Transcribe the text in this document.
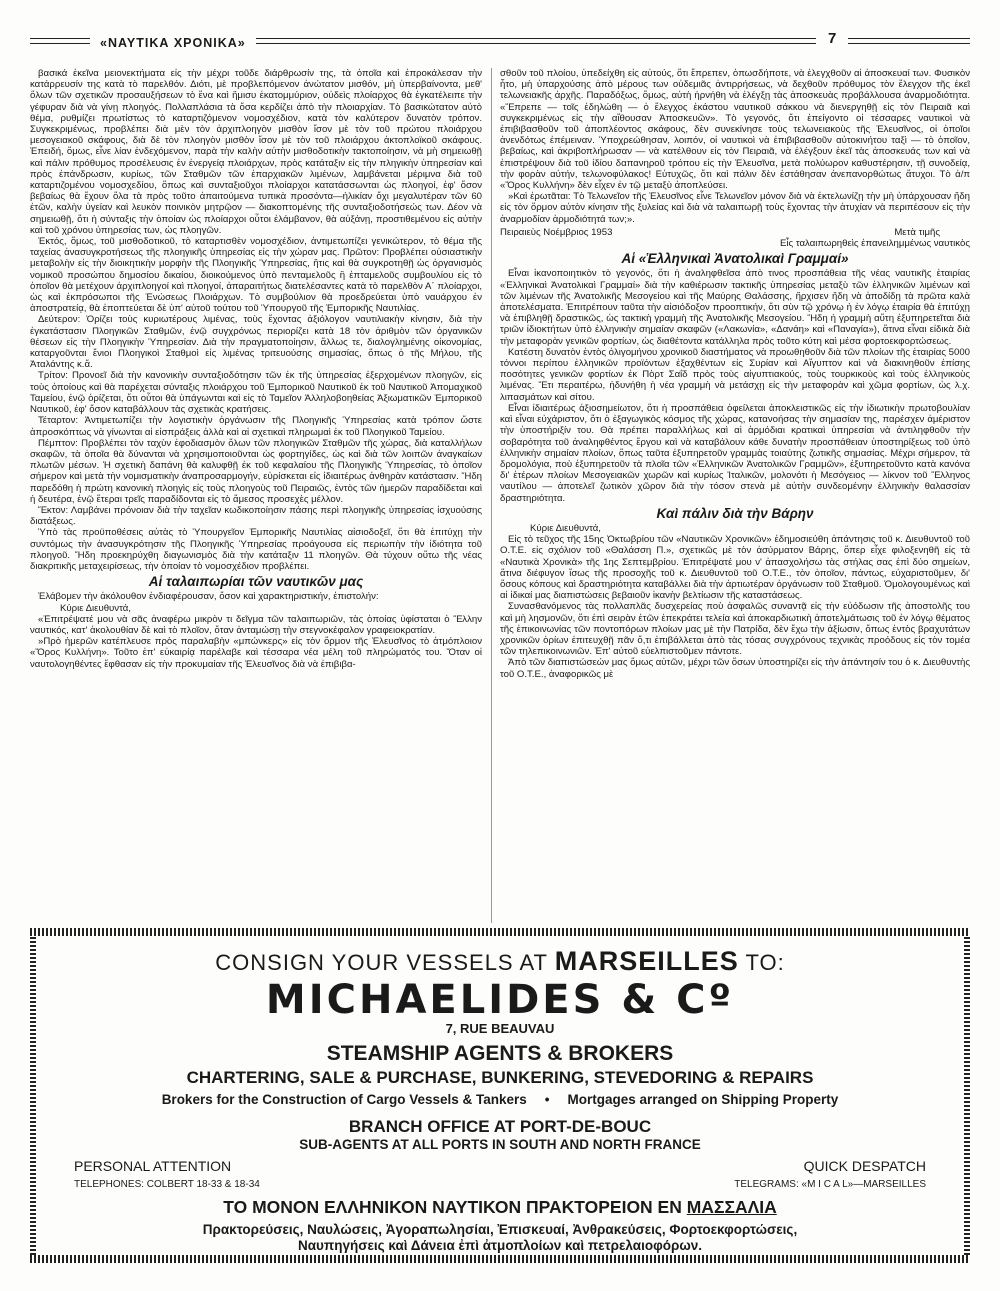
«ΝΑΥΤΙΚΑ ΧΡΟΝΙΚΑ»	7

βασικά ἐκεῖνα μειονεκτήματα εἰς τὴν μέχρι τοῦδε διάρθρωσίν της, τὰ ὁποῖα καὶ ἐπροκάλεσαν τὴν κατάρρευσίν της κατὰ τὸ παρελθόν. Διότι, μὲ προβλεπόμενον ἀνώτατον μισθόν, μὴ ὑπερβαίνοντα, μεθ' ὅλων τῶν σχετικῶν προσαυξήσεων τὸ ἕνα καὶ ἥμισυ ἑκατομμύριον, οὐδεὶς πλοίαρχος θὰ ἐγκατέλειπε τὴν γέφυραν διὰ νὰ γίνῃ πλοηγός. Πολλαπλάσια τὰ ὅσα κερδίζει ἀπὸ τὴν πλοιαρχίαν. Τὸ βασικώτατον αὐτὸ θέμα, ρυθμίζει πρωτίστως τὸ καταρτιζόμενον νομοσχέδιον, κατὰ τὸν καλύτερον δυνατὸν τρόπον. Συγκεκριμένως, προβλέπει διὰ μὲν τὸν ἀρχιπλοηγὸν μισθὸν ἴσον μὲ τὸν τοῦ πρώτου πλοιάρχου μεσογειακοῦ σκάφους, διὰ δὲ τὸν πλοηγὸν μισθὸν ἴσον μὲ τὸν τοῦ πλοιάρχου ἀκτοπλοϊκοῦ σκάφους. Ἐπειδή, ὅμως, εἶνε λίαν ἐνδεχόμενον, παρὰ τὴν καλὴν αὐτὴν μισθοδοτικὴν τακτοποίησιν, νὰ μὴ σημειωθῇ καὶ πάλιν πρόθυμος προσέλευσις ἐν ἐνεργείᾳ πλοιάρχων, πρὸς κατάταξιν εἰς τὴν πληγικὴν ὑπηρεσίαν καὶ πρὸς ἐπάνδρωσιν, κυρίως, τῶν Σταθμῶν τῶν ἐπαρχιακῶν λιμένων, λαμβάνεται μέριμνα διὰ τοῦ καταρτιζομένου νομοσχεδίου, ὅπως καὶ συνταξιοῦχοι πλοίαρχοι κατατάσσωνται ὡς πλοηγοί, ἐφ' ὅσον βεβαίως θὰ ἔχουν ὅλα τὰ πρὸς τοῦτο ἀπαιτούμενα τυπικὰ προσόντα—ἡλικίαν ὄχι μεγαλυτέραν τῶν 60 ἐτῶν, καλὴν ὑγείαν καὶ λευκὸν ποινικὸν μητρῷον — διακοπτομένης τῆς συνταξιοδοτήσεώς των. Δέον νὰ σημειωθῇ, ὅτι ἡ σύνταξις τὴν ὁποίαν ὡς πλοίαρχοι οὗτοι ἐλάμβανον, θὰ αὐξάνῃ, προστιθεμένου εἰς αὐτὴν καὶ τοῦ χρόνου ὑπηρεσίας των, ὡς πλοηγῶν.

Ἐκτός, ὅμως, τοῦ μισθοδοτικοῦ, τὸ καταρτισθὲν νομοσχέδιον, ἀντιμετωπίζει γενικώτερον, τὸ θέμα τῆς ταχείας ἀνασυγκροτήσεως τῆς πλοηγικῆς ὑπηρεσίας εἰς τὴν χώραν μας. Πρῶτον: Προβλέπει οὐσιαστικὴν μεταβολὴν εἰς τὴν διοικητικὴν μορφὴν τῆς Πλοηγικῆς Ὑπηρεσίας, ἥτις καὶ θὰ συγκροτηθῇ ὡς ὀργανισμὸς νομικοῦ προσώπου δημοσίου δικαίου, διοικούμενος ὑπὸ πενταμελοῦς ἢ ἑπταμελοῦς συμβουλίου εἰς τὸ ὁποῖον θὰ μετέχουν ἀρχιπλοηγοί καὶ πλοηγοί, ἀπαραιτήτως διατελέσαντες κατὰ τὸ παρελθὸν Α΄ πλοίαρχοι, ὡς καὶ ἐκπρόσωποι τῆς Ἑνώσεως Πλοιάρχων. Τὸ συμβούλιον θὰ προεδρεύεται ὑπὸ ναυάρχου ἐν ἀποστρατείᾳ, θὰ ἐποπτεύεται δὲ ὑπ' αὐτοῦ τούτου τοῦ Ὑπουργοῦ τῆς Ἐμπορικῆς Ναυτιλίας.

Δεύτερον: Ὁρίζει τοὺς κυριωτέρους λιμένας, τοὺς ἔχοντας ἀξιόλογον ναυτιλιακὴν κίνησιν, διὰ τὴν ἐγκατάστασιν Πλοηγικῶν Σταθμῶν, ἐνῷ συγχρόνως περιορίζει κατὰ 18 τὸν ἀριθμὸν τῶν ὀργανικῶν θέσεων εἰς τὴν Πλοηγικὴν Ὑπηρεσίαν. Διὰ τὴν πραγματοποίησιν, ἄλλως τε, διαλογλημένης οἰκονομίας, καταργοῦνται ἔνιοι Πλοηγικοὶ Σταθμοὶ εἰς λιμένας τριτευούσης σημασίας, ὅπως ὁ τῆς Μήλου, τῆς Ἀταλάντης κ.ἄ.

Τρίτον: Προνοεῖ διὰ τὴν κανονικὴν συνταξιοδότησιν τῶν ἐκ τῆς ὑπηρεσίας ἐξερχομένων πλοηγῶν, εἰς τοὺς ὁποίους καὶ θὰ παρέχεται σύνταξις πλοιάρχου τοῦ Ἐμπορικοῦ Ναυτικοῦ ἐκ τοῦ Ναυτικοῦ Ἀπομαχικοῦ Ταμείου, ἐνῷ ὁρίζεται, ὅτι οὗτοι θὰ ὑπάγωνται καὶ εἰς τὸ Ταμεῖον Ἀλληλοβοηθείας Ἀξιωματικῶν Ἐμπορικοῦ Ναυτικοῦ, ἐφ' ὅσον καταβάλλουν τὰς σχετικὰς κρατήσεις.

Τέταρτον: Ἀντιμετωπίζει τὴν λογιστικὴν ὀργάνωσιν τῆς Πλοηγικῆς Ὑπηρεσίας κατὰ τρόπον ὥστε ἀπροσκόπτως νὰ γίνωνται αἱ εἰσπράξεις ἀλλὰ καὶ αἱ σχετικαὶ πληρωμαὶ ἐκ τοῦ Πλοηγικοῦ Ταμείου.

Πέμπτον: Προβλέπει τὸν ταχὺν ἐφοδιασμὸν ὅλων τῶν πλοηγικῶν Σταθμῶν τῆς χώρας, διὰ καταλλήλων σκαφῶν, τὰ ὁποῖα θὰ δύνανται νὰ χρησιμοποιοῦνται ὡς φορτηγίδες, ὡς καὶ διὰ τῶν λοιπῶν ἀναγκαίων πλωτῶν μέσων. Ἡ σχετικὴ δαπάνη θὰ καλυφθῇ ἐκ τοῦ κεφαλαίου τῆς Πλοηγικῆς Ὑπηρεσίας, τὸ ὁποῖον σήμερον καὶ μετὰ τὴν νομισματικὴν ἀναπροσαρμογήν, εὑρίσκεται εἰς ἱδιαιτέρως ἀνθηρὰν κατάστασιν. Ἤδη παρεδόθη ἡ πρώτη κανονικὴ πλοηγὶς εἰς τοὺς πλοηγοὺς τοῦ Πειραιῶς, ἐντὸς τῶν ἡμερῶν παραδίδεται καὶ ἡ δευτέρα, ἐνῷ ἕτεραι τρεῖς παραδίδονται εἰς τὸ ἄμεσος προσεχὲς μέλλον.

Ἕκτον: Λαμβάνει πρόνοιαν διὰ τὴν ταχεῖαν κωδικοποίησιν πάσης περὶ πλοηγικῆς ὑπηρεσίας ἰσχυούσης διατάξεως.

Ὑπὸ τὰς προϋποθέσεις αὐτὰς τὸ Ὑπουργεῖον Ἐμπορικῆς Ναυτιλίας αἰσιοδοξεῖ, ὅτι θὰ ἐπιτύχῃ τὴν συντόμως τὴν ἀνασυγκρότησιν τῆς Πλοηγικῆς Ὑπηρεσίας προάγουσα εἰς περιωπὴν τὴν ἰδιότητα τοῦ πλοηγοῦ. Ἤδη προεκηρύχθη διαγωνισμὸς διὰ τὴν κατάταξιν 11 πλοηγῶν. Θὰ τύχουν οὕτω τῆς νέας διακριτικῆς μεταχειρίσεως, τὴν ὁποίαν τὸ νομοσχέδιον προβλέπει.

Αἱ ταλαιπωρίαι τῶν ναυτικῶν μας

Ἐλάβομεν τὴν ἀκόλουθον ἐνδιαφέρουσαν, ὅσον καὶ χαρακτηριστικήν, ἐπιστολήν:

Κύριε Διευθυντά,

«Ἐπιτρέψατέ μου νὰ σᾶς ἀναφέρω μικρὸν τι δεῖγμα τῶν ταλαιπωριῶν, τὰς ὁποίας ὑφίσταται ὁ Ἕλλην ναυτικός, κατ' ἀκολουθίαν δὲ καὶ τὸ πλοῖον, ὅταν ἀνταμώσῃ τὴν στεγνοκέφαλον γραφειοκρατίαν.

»Πρὸ ἡμερῶν κατέπλευσε πρὸς παραλαβὴν «μπώνκερς» εἰς τὸν ὅρμον τῆς Ἐλευσῖνος τὸ ἀτμόπλοιον «Ὄρος Κυλλήνη». Τοῦτο ἐπ' εὐκαιρίᾳ παρέλαβε καὶ τέσσαρα νέα μέλη τοῦ πληρώματός του. Ὅταν οἱ ναυτολογηθέντες ἔφθασαν εἰς τὴν προκυμαίαν τῆς Ἐλευσῖνος διὰ νὰ ἐπιβιβα-

σθοῦν τοῦ πλοίου, ὑπεδείχθη εἰς αὐτούς, ὅτι ἔπρεπεν, ὁπωσδήποτε, νὰ ἐλεγχθοῦν αἱ ἀποσκευαί των. Φυσικὸν ἦτο, μὴ ὑπαρχούσης ἀπὸ μέρους των οὐδεμιᾶς ἀντιρρήσεως, νὰ δεχθοῦν πρόθυμος τὸν ἔλεγχον τῆς ἐκεῖ τελωνειακῆς ἀρχῆς. Παραδόξως, ὅμως, αὐτὴ ἠρνήθη νὰ ἐλέγξῃ τὰς ἀποσκευὰς προβάλλουσα ἀναρμοδιότητα. «Ἔπρεπε — τοῖς ἐδηλώθη — ὁ ἔλεγχος ἑκάστου ναυτικοῦ σάκκου νὰ διενεργηθῇ εἰς τὸν Πειραιᾶ καὶ συγκεκριμένως εἰς τὴν αἴθουσαν Ἀποσκευῶν». Τὸ γεγονός, ὅτι ἐπείγοντο οἱ τέσσαρες ναυτικοὶ νὰ ἐπιβιβασθοῦν τοῦ ἀποπλέοντος σκάφους, δὲν συνεκίνησε τοὺς τελωνειακοὺς τῆς Ἐλευσῖνος, οἱ ὁποῖοι ἀνενδότως ἐπέμειναν. Ὑποχρεώθησαν, λοιπόν, οἱ ναυτικοὶ νὰ ἐπιβιβασθοῦν αὐτοκινήτου ταξὶ — τὸ ὁποῖον, βεβαίως, καὶ ἀκριβοπλήρωσαν — νὰ κατέλθουν εἰς τὸν Πειραιᾶ, νὰ ἐλέγξουν ἐκεῖ τὰς ἀποσκευάς των καὶ νὰ ἐπιστρέψουν διὰ τοῦ ἰδίου δαπανηροῦ τρόπου εἰς τὴν Ἐλευσῖνα, μετὰ πολύωρον καθυστέρησιν, τῇ συνοδείᾳ, τὴν φορὰν αὐτήν, τελωνοφύλακος! Εὐτυχῶς, ὅτι καὶ πάλιν δὲν ἐστάθησαν ἀνεπανορθώτως ἄτυχοι. Τὸ ἀ/π «Ὄρος Κυλλήνη» δὲν εἶχεν ἐν τῷ μεταξὺ ἀποπλεύσει.

»Καὶ ἐρωτᾶται: Τὸ Τελωνεῖον τῆς Ἐλευσῖνος εἶνε Τελωνεῖον μόνον διὰ νὰ ἐκτελωνίζῃ τὴν μὴ ὑπάρχουσαν ἤδη εἰς τὸν ὅρμον αὐτὸν κίνησιν τῆς ξυλείας καὶ διὰ νὰ ταλαιπωρῇ τοὺς ἔχοντας τὴν ἀτυχίαν νὰ περιπέσουν εἰς τὴν ἀναρμοδίαν ἁρμοδιότητά των;».

Πειραιεὺς Νοέμβριος 1953	Μετὰ τιμῆς

Εἷς ταλαιπωρηθεὶς ἐπανειλημμένως ναυτικὸς

Αἱ «Ἑλληνικαὶ Ἀνατολικαὶ Γραμμαί»

Εἶναι ἱκανοποιητικὸν τὸ γεγονός, ὅτι ἡ ἀναληφθεῖσα ἀπὸ τινος προσπάθεια τῆς νέας ναυτικῆς ἑταιρίας «Ἑλληνικαὶ Ἀνατολικαὶ Γραμμαί» διὰ τὴν καθιέρωσιν τακτικῆς ὑπηρεσίας μεταξὺ τῶν ἑλληνικῶν λιμένων καὶ τῶν λιμένων τῆς Ἀνατολικῆς Μεσογείου καὶ τῆς Μαύρης Θαλάσσης, ἤρχισεν ἤδη νὰ ἀποδίδῃ τὰ πρῶτα καλὰ ἀποτελέσματα. Ἐπιτρέπουν ταῦτα τὴν αἰσιόδοξον προοπτικήν, ὅτι σὺν τῷ χρόνῳ ἡ ἐν λόγῳ ἑταιρία θὰ ἐπιτύχῃ νὰ ἐπιβληθῇ δραστικῶς, ὡς τακτικὴ γραμμὴ τῆς Ἀνατολικῆς Μεσογείου. Ἤδη ἡ γραμμὴ αὕτη ἐξυπηρετεῖται διὰ τριῶν ἰδιοκτήτων ὑπὸ ἑλληνικὴν σημαίαν σκαφῶν («Λακωνία», «Δανάη» καὶ «Παναγία»), ἅτινα εἶναι εἰδικὰ διὰ τὴν μεταφορὰν γενικῶν φορτίων, ὡς διαθέτοντα κατάλληλα πρὸς τοῦτο κύτη καὶ μέσα φορτοεκφορτώσεως.

Κατέστη δυνατὸν ἐντὸς ὀλιγομήνου χρονικοῦ διαστήματος νὰ προωθηθοῦν διὰ τῶν πλοίων τῆς ἑταιρίας 5000 τόννοι περίπου ἑλληνικῶν προϊόντων ἐξαχθέντων εἰς Συρίαν καὶ Αἴγυπτον καὶ νὰ διακινηθοῦν ἐπίσης ποσότητες γενικῶν φορτίων ἐκ Πὸρτ Σαΐδ πρὸς τοὺς αἰγυπτιακούς, τοὺς τουρκικοὺς καὶ τοὺς ἑλληνικοὺς λιμένας. Ἔτι περαιτέρω, ἠδυνήθη ἡ νέα γραμμὴ νὰ μετάσχῃ εἰς τὴν μεταφορὰν καὶ χῶμα φορτίων, ὡς λ.χ. λιπασμάτων καὶ σίτου.

Εἶναι ἰδιαιτέρως ἀξιοσημείωτον, ὅτι ἡ προσπάθεια ὀφείλεται ἀποκλειστικῶς εἰς τὴν ἰδιωτικὴν πρωτοβουλίαν καὶ εἶναι εὐχάριστον, ὅτι ὁ ἐξαγωγικὸς κόσμος τῆς χώρας, κατανοήσας τὴν σημασίαν της, παρέσχεν ἀμέριστον τὴν ὑποστήριξίν του. Θὰ πρέπει παραλλήλως καὶ αἱ ἁρμόδιαι κρατικαὶ ὑπηρεσίαι νὰ ἀντιληφθοῦν τὴν σοβαρότητα τοῦ ἀναληφθέντος ἔργου καὶ νὰ καταβάλουν κάθε δυνατὴν προσπάθειαν ὑποστηρίξεως τοῦ ὑπὸ ἑλληνικὴν σημαίαν πλοίων, ὅπως ταῦτα ἐξυπηρετοῦν γραμμὰς τοιαύτης ζωτικῆς σημασίας. Μέχρι σήμερον, τὰ δρομολόγια, ποὺ ἐξυπηρετοῦν τὰ πλοῖα τῶν «Ἑλληνικῶν Ἀνατολικῶν Γραμμῶν», ἐξυπηρετοῦντο κατὰ κανόνα δι' ἑτέρων πλοίων Μεσογειακῶν χωρῶν καὶ κυρίως Ἰταλικῶν, μολονότι ἡ Μεσόγειος — λίκνον τοῦ Ἕλληνος ναυτίλου — ἀποτελεῖ ζωτικὸν χῶρον διὰ τὴν τόσον στενὰ μὲ αὐτὴν συνδεομένην ἑλληνικὴν θαλασσίαν δραστηριότητα.

Καὶ πάλιν διὰ τὴν Βάρην

Κύριε Διευθυντά,

Εἰς τὸ τεῦχος τῆς 15ης Ὀκτωβρίου τῶν «Ναυτικῶν Χρονικῶν» ἐδημοσιεύθη ἀπάντησις τοῦ κ. Διευθυντοῦ τοῦ Ο.Τ.Ε. εἰς σχόλιον τοῦ «Θαλάσση Π.», σχετικῶς μὲ τὸν ἀσύρματον Βάρης, ὅπερ εἶχε φιλοξενηθῆ εἰς τὰ «Ναυτικὰ Χρονικὰ» τῆς 1ης Σεπτεμβρίου. Ἐπιτρέψατέ μου ν' ἀπασχολήσω τὰς στήλας σας ἐπὶ δύο σημείων, ἅτινα διέφυγον ἴσως τῆς προσοχῆς τοῦ κ. Διευθυντοῦ τοῦ Ο.Τ.Ε., τὸν ὁποῖον, πάντως, εὐχαριστοῦμεν, δι' ὅσους κόπους καὶ δραστηριότητα καταβάλλει διὰ τὴν ἀρτιωτέραν ὀργάνωσιν τοῦ Σταθμοῦ. Ὁμολογουμένως καὶ αἱ ἰδικαί μας διαπιστώσεις βεβαιοῦν ἱκανὴν βελτίωσιν τῆς καταστάσεως.

Συνασθανόμενος τὰς πολλαπλᾶς δυσχερείας ποὺ ἀσφαλῶς συναντᾷ εἰς τὴν εὐόδωσιν τῆς ἀποστολῆς του καὶ μὴ λησμονῶν, ὅτι ἐπὶ σειρὰν ἐτῶν ἐπεκράτει τελεία καὶ ἀποκαρδιωτικὴ ἀποτελμάτωσις τοῦ ἐν λόγῳ θέματος τῆς ἐπικοινωνίας τῶν ποντοπόρων πλοίων μας μὲ τὴν Πατρίδα, δὲν ἔχω τὴν ἀξίωσιν, ὅπως ἐντὸς βραχυτάτων χρονικῶν ὁρίων ἐπιτευχθῇ πᾶν ὅ,τι ἐπιβάλλεται ἀπὸ τὰς τόσας συγχρόνους τεχνικὰς προόδους εἰς τὸν τομέα τῶν τηλεπικοινωνιῶν. Ἐπ' αὐτοῦ εὐελπιστοῦμεν πάντοτε.

Ἀπὸ τῶν διαπιστώσεών μας ὅμως αὐτῶν, μέχρι τῶν ὅσων ὑποστηρίζει εἰς τὴν ἀπάντησίν του ὁ κ. Διευθυντὴς τοῦ Ο.Τ.Ε., ἀναφορικῶς μὲ

CONSIGN YOUR VESSELS AT MARSEILLES TO:
MICHAELIDES & Cº
7, RUE BEAUVAU
STEAMSHIP AGENTS & BROKERS
CHARTERING, SALE & PURCHASE, BUNKERING, STEVEDORING & REPAIRS
Brokers for the Construction of Cargo Vessels & Tankers • Mortgages arranged on Shipping Property
BRANCH OFFICE AT PORT-DE-BOUC
SUB-AGENTS AT ALL PORTS IN SOUTH AND NORTH FRANCE
PERSONAL ATTENTION
TELEPHONES: COLBERT 18-33 & 18-34
QUICK DESPATCH
TELEGRAMS: «M I C A L»—MARSEILLES
ΤΟ ΜΟΝΟΝ ΕΛΛΗΝΙΚΟΝ ΝΑΥΤΙΚΟΝ ΠΡΑΚΤΟΡΕΙΟΝ ΕΝ ΜΑΣΣΑΛΙΑ
Πρακτορεύσεις, Ναυλώσεις, Ἀγοραπωλησίαι, Ἐπισκευαί, Ἀνθρακεύσεις, Φορτοεκφορτώσεις,
Ναυπηγήσεις καὶ Δάνεια ἐπὶ ἀτμοπλοίων καὶ πετρελαιοφόρων.
